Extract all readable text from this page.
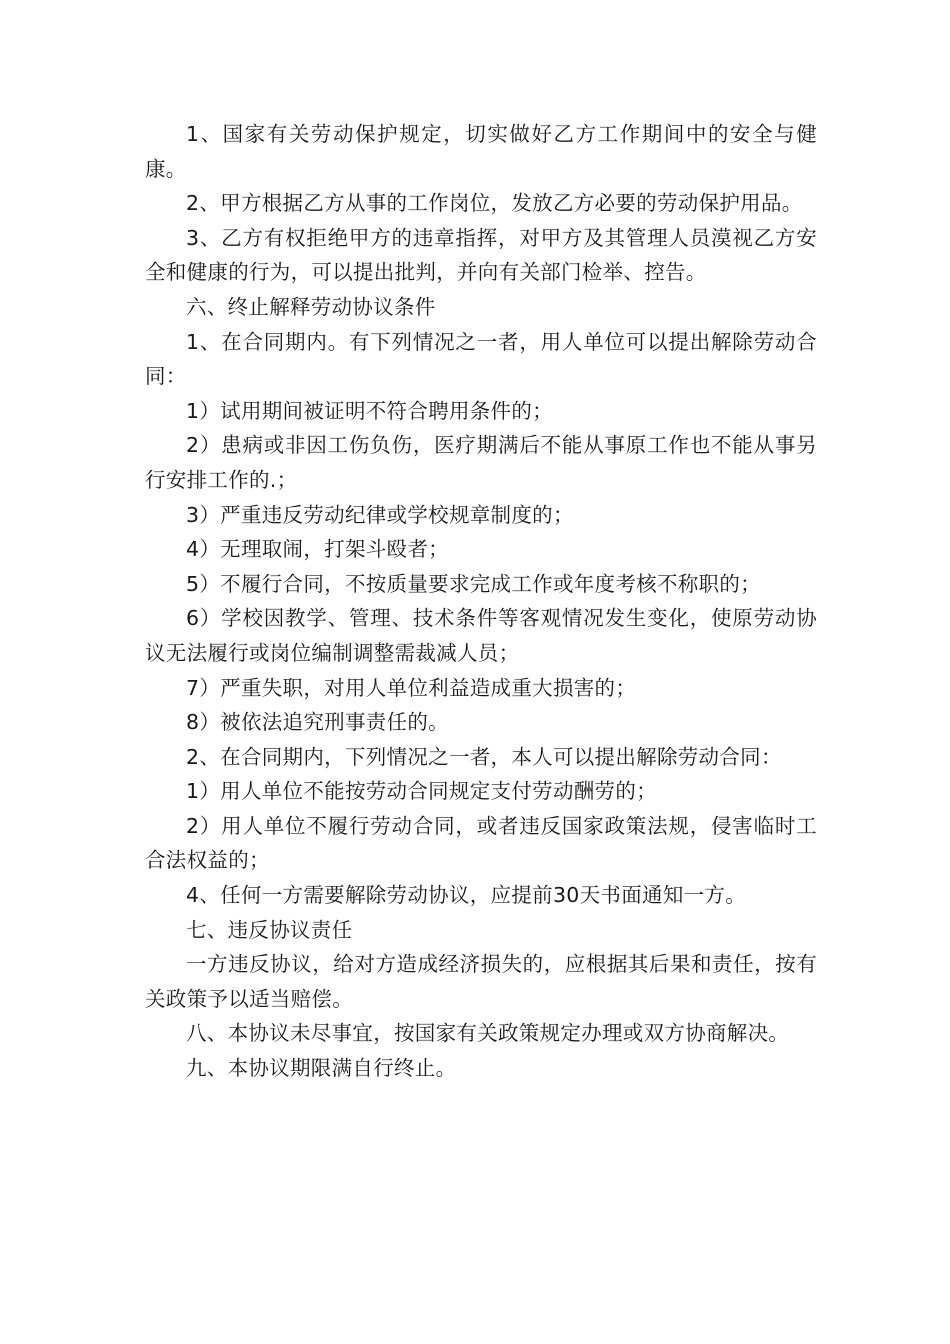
1、国家有关劳动保护规定，切实做好乙方工作期间中的安全与健康。

2、甲方根据乙方从事的工作岗位，发放乙方必要的劳动保护用品。

3、乙方有权拒绝甲方的违章指挥，对甲方及其管理人员漠视乙方安全和健康的行为，可以提出批判，并向有关部门检举、控告。

六、终止解释劳动协议条件

1、在合同期内。有下列情况之一者，用人单位可以提出解除劳动合同：

1）试用期间被证明不符合聘用条件的；

2）患病或非因工伤负伤，医疗期满后不能从事原工作也不能从事另行安排工作的.；

3）严重违反劳动纪律或学校规章制度的；

4）无理取闹，打架斗殴者；

5）不履行合同，不按质量要求完成工作或年度考核不称职的；

6）学校因教学、管理、技术条件等客观情况发生变化，使原劳动协议无法履行或岗位编制调整需裁减人员；

7）严重失职，对用人单位利益造成重大损害的；

8）被依法追究刑事责任的。

2、在合同期内，下列情况之一者，本人可以提出解除劳动合同：

1）用人单位不能按劳动合同规定支付劳动酬劳的；

2）用人单位不履行劳动合同，或者违反国家政策法规，侵害临时工合法权益的；

4、任何一方需要解除劳动协议，应提前30天书面通知一方。

七、违反协议责任

一方违反协议，给对方造成经济损失的，应根据其后果和责任，按有关政策予以适当赔偿。

八、本协议未尽事宜，按国家有关政策规定办理或双方协商解决。

九、本协议期限满自行终止。
